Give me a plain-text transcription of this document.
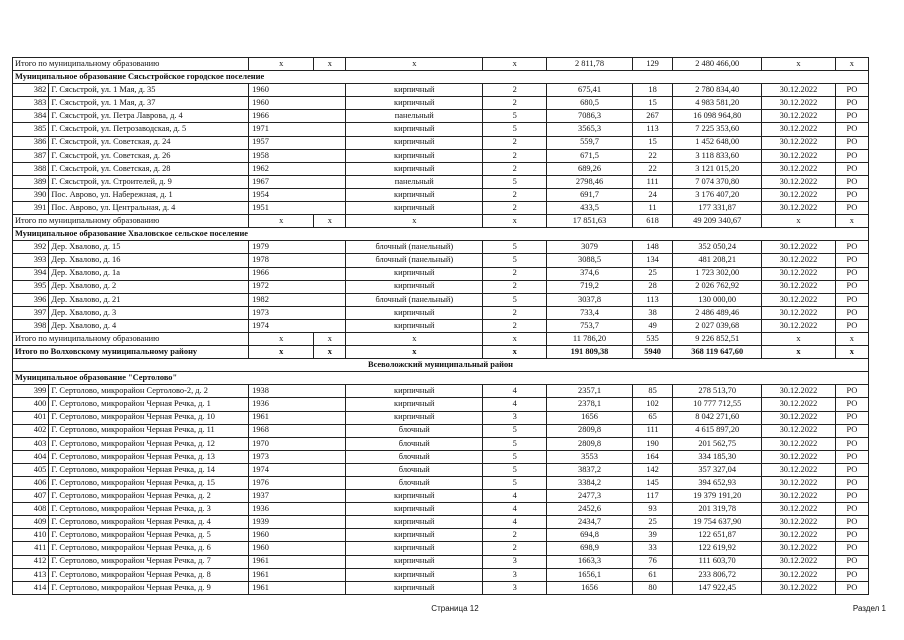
Итого по муниципальному образованию		x	x	x	x	2 811,78	129	2 480 466,00	x	x
Муниципальное образование Сясьстройское городское поселение										
382	Г. Сясьстрой, ул. 1 Мая, д. 35	1960		кирпичный	2	675,41	18	2 780 834,40	30.12.2022	РО
383	Г. Сясьстрой, ул. 1 Мая, д. 37	1960		кирпичный	2	680,5	15	4 983 581,20	30.12.2022	РО
384	Г. Сясьстрой, ул. Петра Лаврова, д. 4	1966		панельный	5	7086,3	267	16 098 964,80	30.12.2022	РО
385	Г. Сясьстрой, ул. Петрозаводская, д. 5	1971		кирпичный	5	3565,3	113	7 225 353,60	30.12.2022	РО
386	Г. Сясьстрой, ул. Советская, д. 24	1957		кирпичный	2	559,7	15	1 452 648,00	30.12.2022	РО
387	Г. Сясьстрой, ул. Советская, д. 26	1958		кирпичный	2	671,5	22	3 118 833,60	30.12.2022	РО
388	Г. Сясьстрой, ул. Советская, д. 28	1962		кирпичный	2	689,26	22	3 121 015,20	30.12.2022	РО
389	Г. Сясьстрой, ул. Строителей, д. 9	1967		панельный	5	2798,46	111	7 074 370,80	30.12.2022	РО
390	Пос. Аврово, ул. Набережная, д. 1	1954		кирпичный	2	691,7	24	3 176 407,20	30.12.2022	РО
391	Пос. Аврово, ул. Центральная, д. 4	1951		кирпичный	2	433,5	11	177 331,87	30.12.2022	РО
Итого по муниципальному образованию		x	x	x	x	17 851,63	618	49 209 340,67	x	x
Муниципальное образование Хваловское сельское поселение										
392	Дер. Хвалово, д. 15	1979		блочный (панельный)	5	3079	148	352 050,24	30.12.2022	РО
393	Дер. Хвалово, д. 16	1978		блочный (панельный)	5	3088,5	134	481 208,21	30.12.2022	РО
394	Дер. Хвалово, д. 1а	1966		кирпичный	2	374,6	25	1 723 302,00	30.12.2022	РО
395	Дер. Хвалово, д. 2	1972		кирпичный	2	719,2	28	2 026 762,92	30.12.2022	РО
396	Дер. Хвалово, д. 21	1982		блочный (панельный)	5	3037,8	113	130 000,00	30.12.2022	РО
397	Дер. Хвалово, д. 3	1973		кирпичный	2	733,4	38	2 486 489,46	30.12.2022	РО
398	Дер. Хвалово, д. 4	1974		кирпичный	2	753,7	49	2 027 039,68	30.12.2022	РО
Итого по муниципальному образованию		x	x	x	x	11 786,20	535	9 226 852,51	x	x
Итого по Волховскому муниципальному району		x	x	x	x	191 809,38	5940	368 119 647,60	x	x
Всеволожский муниципальный район										
Муниципальное образование "Сертолово"										
399	Г. Сертолово, микрорайон Сертолово-2, д. 2	1938		кирпичный	4	2357,1	85	278 513,70	30.12.2022	РО
400	Г. Сертолово, микрорайон Черная Речка, д. 1	1936		кирпичный	4	2378,1	102	10 777 712,55	30.12.2022	РО
401	Г. Сертолово, микрорайон Черная Речка, д. 10	1961		кирпичный	3	1656	65	8 042 271,60	30.12.2022	РО
402	Г. Сертолово, микрорайон Черная Речка, д. 11	1968		блочный	5	2809,8	111	4 615 897,20	30.12.2022	РО
403	Г. Сертолово, микрорайон Черная Речка, д. 12	1970		блочный	5	2809,8	190	201 562,75	30.12.2022	РО
404	Г. Сертолово, микрорайон Черная Речка, д. 13	1973		блочный	5	3553	164	334 185,30	30.12.2022	РО
405	Г. Сертолово, микрорайон Черная Речка, д. 14	1974		блочный	5	3837,2	142	357 327,04	30.12.2022	РО
406	Г. Сертолово, микрорайон Черная Речка, д. 15	1976		блочный	5	3384,2	145	394 652,93	30.12.2022	РО
407	Г. Сертолово, микрорайон Черная Речка, д. 2	1937		кирпичный	4	2477,3	117	19 379 191,20	30.12.2022	РО
408	Г. Сертолово, микрорайон Черная Речка, д. 3	1936		кирпичный	4	2452,6	93	201 319,78	30.12.2022	РО
409	Г. Сертолово, микрорайон Черная Речка, д. 4	1939		кирпичный	4	2434,7	25	19 754 637,90	30.12.2022	РО
410	Г. Сертолово, микрорайон Черная Речка, д. 5	1960		кирпичный	2	694,8	39	122 651,87	30.12.2022	РО
411	Г. Сертолово, микрорайон Черная Речка, д. 6	1960		кирпичный	2	698,9	33	122 619,92	30.12.2022	РО
412	Г. Сертолово, микрорайон Черная Речка, д. 7	1961		кирпичный	3	1663,3	76	111 603,70	30.12.2022	РО
413	Г. Сертолово, микрорайон Черная Речка, д. 8	1961		кирпичный	3	1656,1	61	233 806,72	30.12.2022	РО
414	Г. Сертолово, микрорайон Черная Речка, д. 9	1961		кирпичный	3	1656	80	147 922,45	30.12.2022	РО
Страница 12	Раздел 1
